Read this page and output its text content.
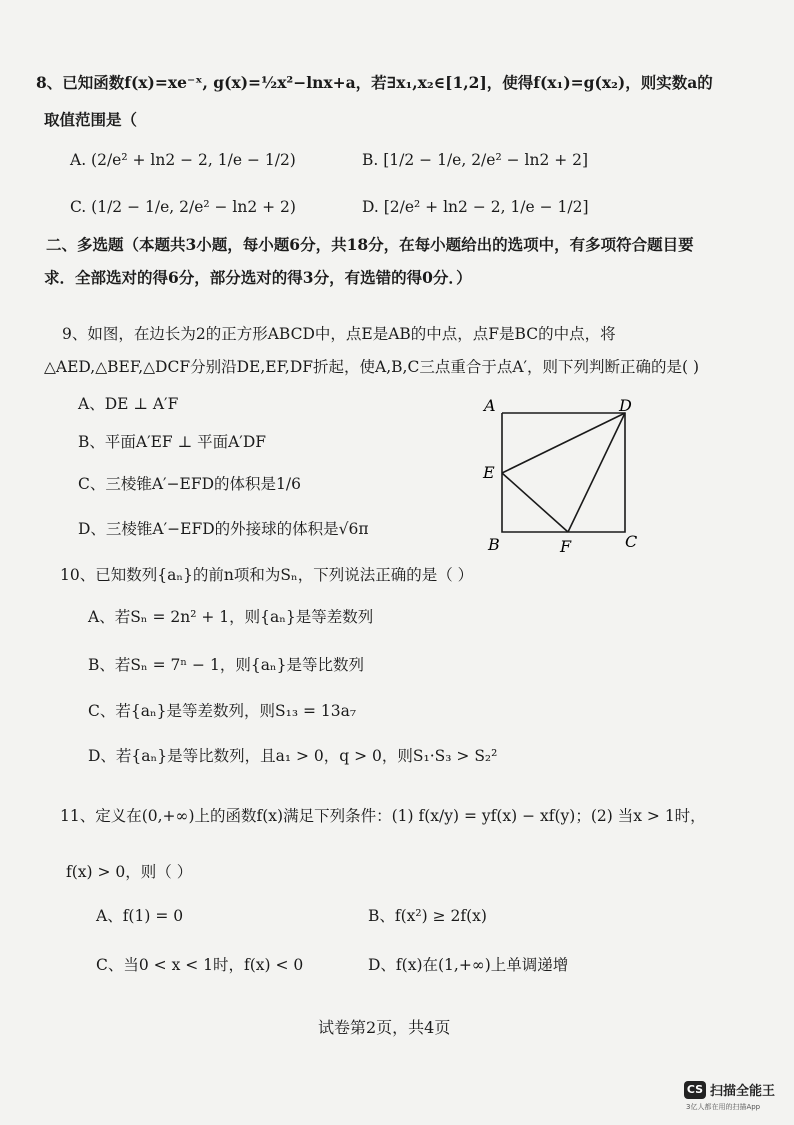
8、已知函数f(x)=xe⁻ˣ, g(x)=½x²−lnx+a，若∃x₁,x₂∈[1,2]，使得f(x₁)=g(x₂)，则实数a的
取值范围是（
A. (2/e² + ln2 − 2, 1/e − 1/2)	B. [1/2 − 1/e, 2/e² − ln2 + 2]
C. (1/2 − 1/e, 2/e² − ln2 + 2)	D. [2/e² + ln2 − 2, 1/e − 1/2]
二、多选题（本题共3小题，每小题6分，共18分，在每小题给出的选项中，有多项符合题目要
求．全部选对的得6分，部分选对的得3分，有选错的得0分．）
9、如图，在边长为2的正方形ABCD中，点E是AB的中点，点F是BC的中点，将
△AED,△BEF,△DCF分别沿DE,EF,DF折起，使A,B,C三点重合于点A′，则下列判断正确的是( )
A、DE ⊥ A′F
B、平面A′EF ⊥ 平面A′DF
C、三棱锥A′−EFD的体积是1/6
D、三棱锥A′−EFD的外接球的体积是√6π
A	D
E
B	F	C
10、已知数列{aₙ}的前n项和为Sₙ，下列说法正确的是（ ）
A、若Sₙ = 2n² + 1，则{aₙ}是等差数列
B、若Sₙ = 7ⁿ − 1，则{aₙ}是等比数列
C、若{aₙ}是等差数列，则S₁₃ = 13a₇
D、若{aₙ}是等比数列，且a₁ > 0，q > 0，则S₁·S₃ > S₂²
11、定义在(0,+∞)上的函数f(x)满足下列条件：(1) f(x/y) = yf(x) − xf(y)；(2) 当x > 1时，
f(x) > 0，则（ ）
A、f(1) = 0	B、f(x²) ≥ 2f(x)
C、当0 < x < 1时，f(x) < 0	D、f(x)在(1,+∞)上单调递增
试卷第2页，共4页
CS 扫描全能王
3亿人都在用的扫描App
